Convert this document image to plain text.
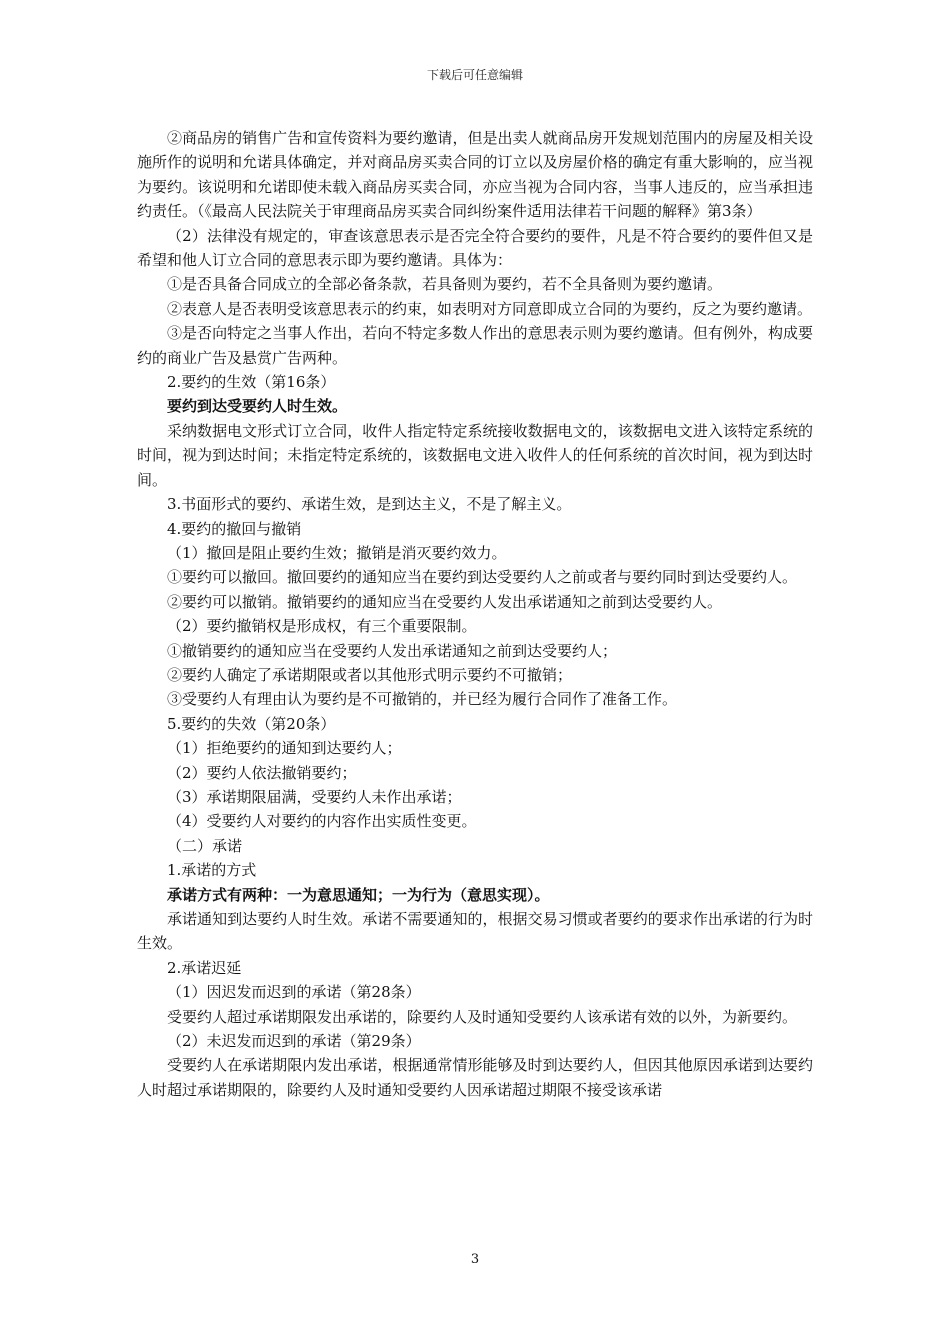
下载后可任意编辑

②商品房的销售广告和宣传资料为要约邀请，但是出卖人就商品房开发规划范围内的房屋及相关设施所作的说明和允诺具体确定，并对商品房买卖合同的订立以及房屋价格的确定有重大影响的，应当视为要约。该说明和允诺即使未载入商品房买卖合同，亦应当视为合同内容，当事人违反的，应当承担违约责任。（《最高人民法院关于审理商品房买卖合同纠纷案件适用法律若干问题的解释》第3条）

（2）法律没有规定的，审查该意思表示是否完全符合要约的要件，凡是不符合要约的要件但又是希望和他人订立合同的意思表示即为要约邀请。具体为：

①是否具备合同成立的全部必备条款，若具备则为要约，若不全具备则为要约邀请。

②表意人是否表明受该意思表示的约束，如表明对方同意即成立合同的为要约，反之为要约邀请。

③是否向特定之当事人作出，若向不特定多数人作出的意思表示则为要约邀请。但有例外，构成要约的商业广告及悬赏广告两种。

2.要约的生效（第16条）

要约到达受要约人时生效。

采纳数据电文形式订立合同，收件人指定特定系统接收数据电文的，该数据电文进入该特定系统的时间，视为到达时间；未指定特定系统的，该数据电文进入收件人的任何系统的首次时间，视为到达时间。

3.书面形式的要约、承诺生效，是到达主义，不是了解主义。

4.要约的撤回与撤销

（1）撤回是阻止要约生效；撤销是消灭要约效力。

①要约可以撤回。撤回要约的通知应当在要约到达受要约人之前或者与要约同时到达受要约人。

②要约可以撤销。撤销要约的通知应当在受要约人发出承诺通知之前到达受要约人。

（2）要约撤销权是形成权，有三个重要限制。

①撤销要约的通知应当在受要约人发出承诺通知之前到达受要约人；

②要约人确定了承诺期限或者以其他形式明示要约不可撤销；

③受要约人有理由认为要约是不可撤销的，并已经为履行合同作了准备工作。

5.要约的失效（第20条）

（1）拒绝要约的通知到达要约人；

（2）要约人依法撤销要约；

（3）承诺期限届满，受要约人未作出承诺；

（4）受要约人对要约的内容作出实质性变更。

（二）承诺

1.承诺的方式

承诺方式有两种：一为意思通知；一为行为（意思实现）。

承诺通知到达要约人时生效。承诺不需要通知的，根据交易习惯或者要约的要求作出承诺的行为时生效。

2.承诺迟延

（1）因迟发而迟到的承诺（第28条）

受要约人超过承诺期限发出承诺的，除要约人及时通知受要约人该承诺有效的以外，为新要约。

（2）未迟发而迟到的承诺（第29条）

受要约人在承诺期限内发出承诺，根据通常情形能够及时到达要约人，但因其他原因承诺到达要约人时超过承诺期限的，除要约人及时通知受要约人因承诺超过期限不接受该承诺

3
